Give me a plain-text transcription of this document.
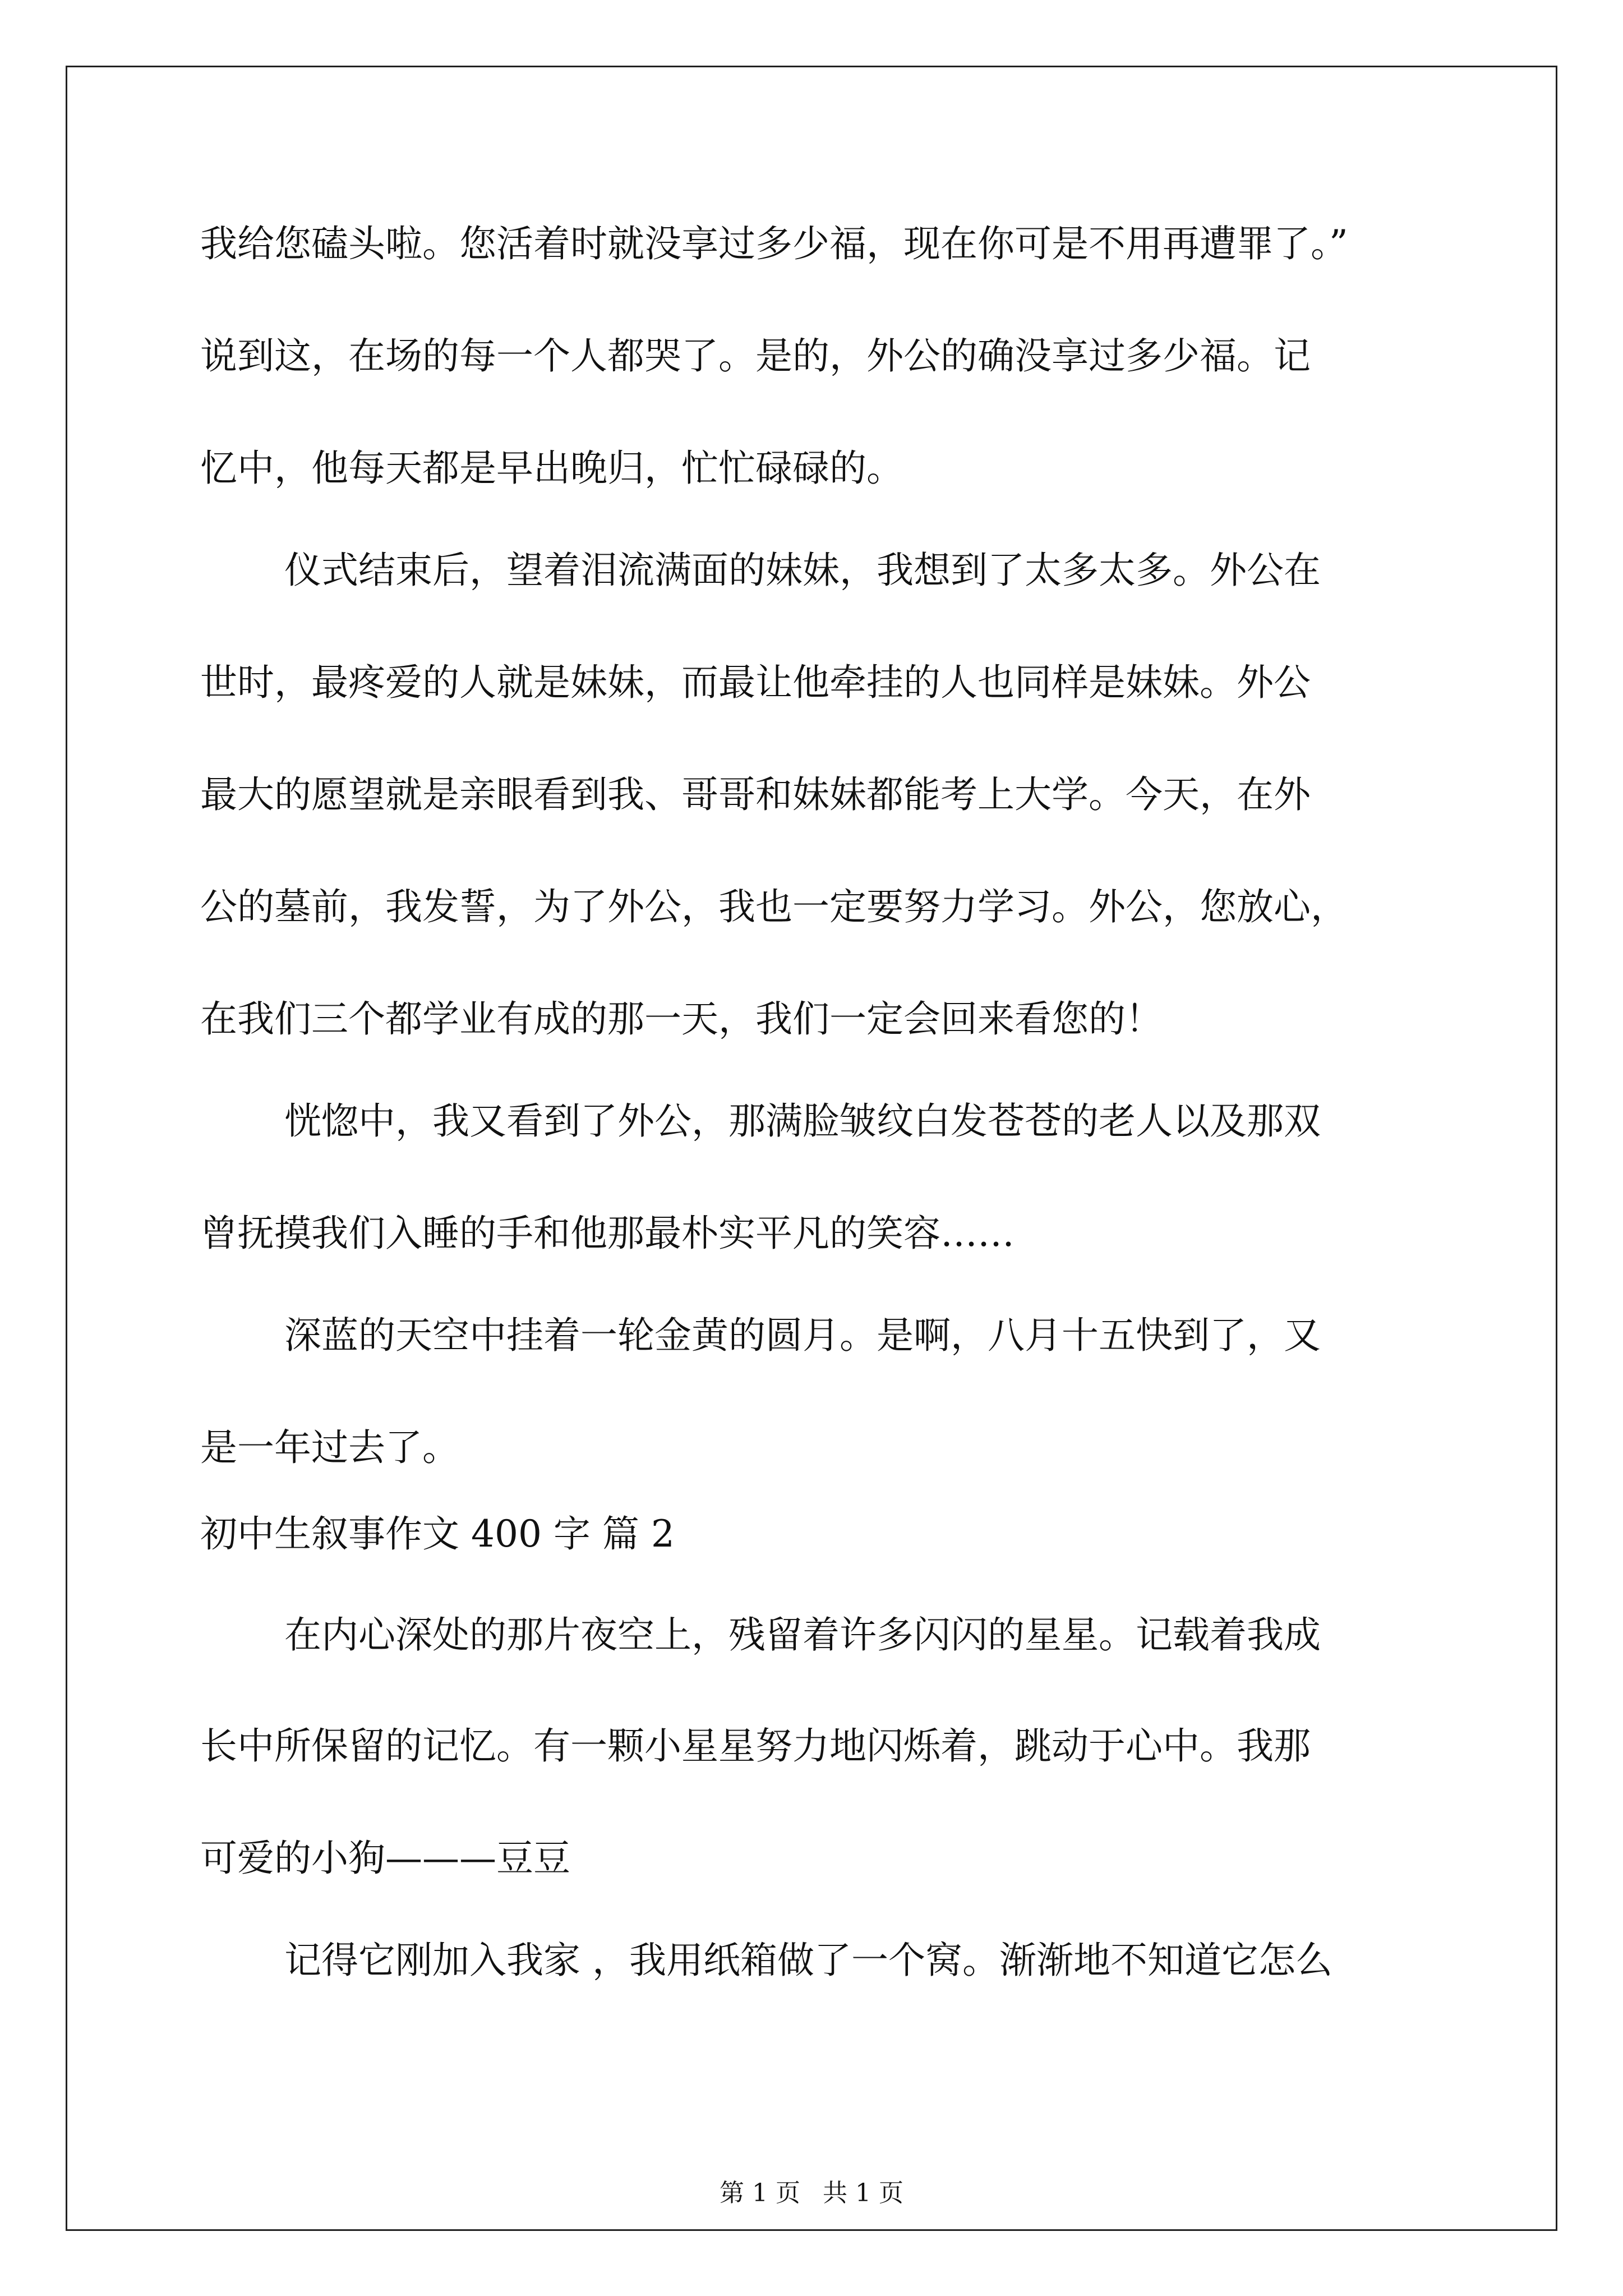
我给您磕头啦。您活着时就没享过多少福，现在你可是不用再遭罪了。”
说到这，在场的每一个人都哭了。是的，外公的确没享过多少福。记
忆中，他每天都是早出晚归，忙忙碌碌的。
仪式结束后，望着泪流满面的妹妹，我想到了太多太多。外公在
世时，最疼爱的人就是妹妹，而最让他牵挂的人也同样是妹妹。外公
最大的愿望就是亲眼看到我、哥哥和妹妹都能考上大学。今天，在外
公的墓前，我发誓，为了外公，我也一定要努力学习。外公，您放心，
在我们三个都学业有成的那一天，我们一定会回来看您的！
恍惚中，我又看到了外公，那满脸皱纹白发苍苍的老人以及那双
曾抚摸我们入睡的手和他那最朴实平凡的笑容……
深蓝的天空中挂着一轮金黄的圆月。是啊，八月十五快到了，又
是一年过去了。
初中生叙事作文 400 字 篇 2
在内心深处的那片夜空上，残留着许多闪闪的星星。记载着我成
长中所保留的记忆。有一颗小星星努力地闪烁着，跳动于心中。我那
可爱的小狗———豆豆
记得它刚加入我家 ，我用纸箱做了一个窝。渐渐地不知道它怎么
第 1 页 共 1 页
